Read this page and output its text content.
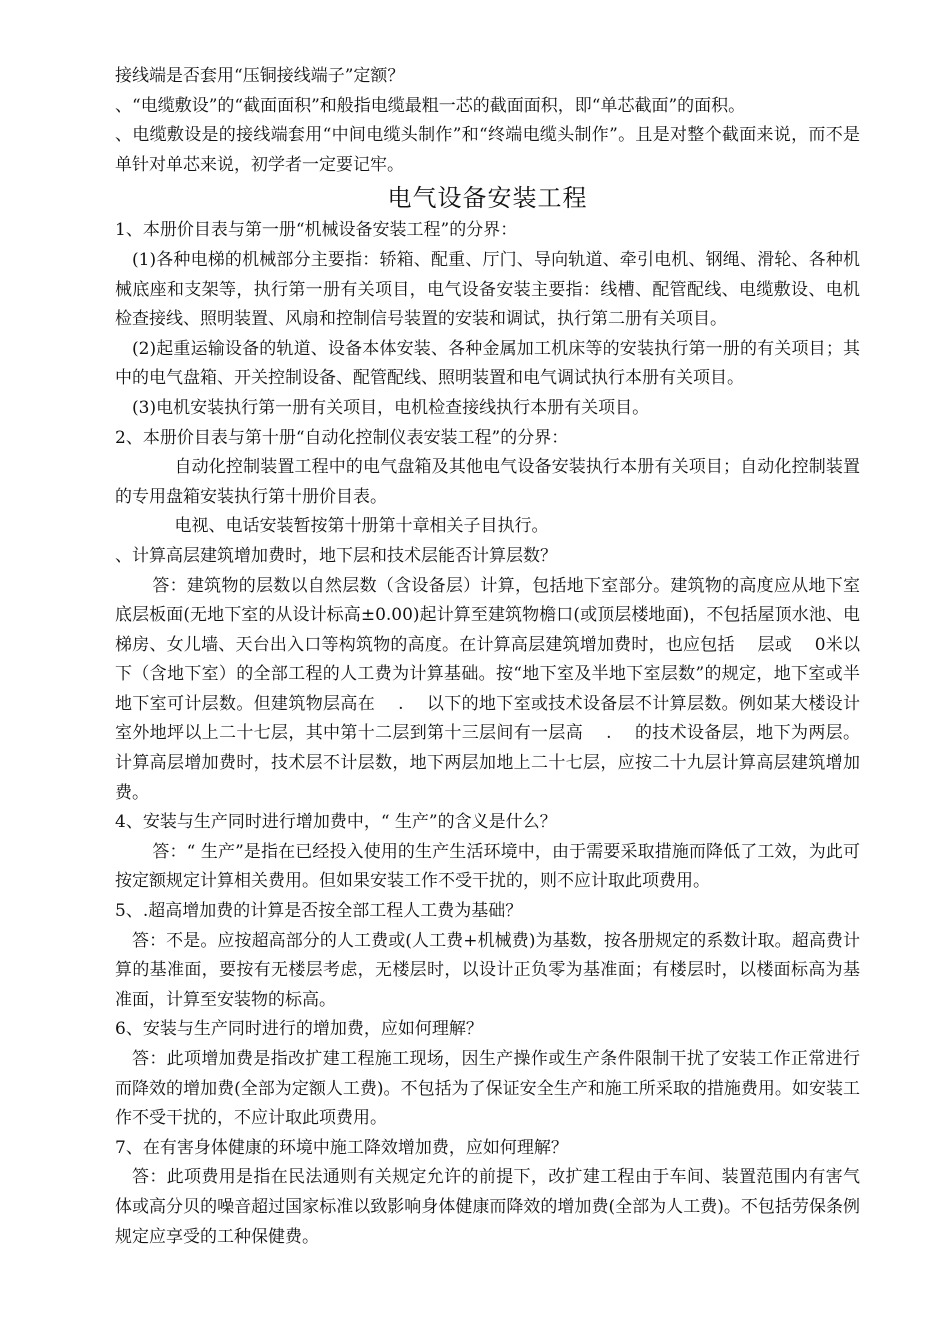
接线端是否套用“压铜接线端子”定额？

、“电缆敷设”的“截面面积”和般指电缆最粗一芯的截面面积，即“单芯截面”的面积。

、电缆敷设是的接线端套用“中间电缆头制作”和“终端电缆头制作”。且是对整个截面来说，而不是单针对单芯来说，初学者一定要记牢。

电气设备安装工程

1、本册价目表与第一册“机械设备安装工程”的分界：

(1)各种电梯的机械部分主要指：轿箱、配重、厅门、导向轨道、牵引电机、钢绳、滑轮、各种机械底座和支架等，执行第一册有关项目，电气设备安装主要指：线槽、配管配线、电缆敷设、电机检查接线、照明装置、风扇和控制信号装置的安装和调试，执行第二册有关项目。

(2)起重运输设备的轨道、设备本体安装、各种金属加工机床等的安装执行第一册的有关项目；其中的电气盘箱、开关控制设备、配管配线、照明装置和电气调试执行本册有关项目。

(3)电机安装执行第一册有关项目，电机检查接线执行本册有关项目。

2、本册价目表与第十册“自动化控制仪表安装工程”的分界：

自动化控制装置工程中的电气盘箱及其他电气设备安装执行本册有关项目；自动化控制装置的专用盘箱安装执行第十册价目表。

电视、电话安装暂按第十册第十章相关子目执行。

、计算高层建筑增加费时，地下层和技术层能否计算层数？

答：建筑物的层数以自然层数（含设备层）计算，包括地下室部分。建筑物的高度应从地下室底层板面(无地下室的从设计标高±0.00)起计算至建筑物檐口(或顶层楼地面)，不包括屋顶水池、电梯房、女儿墙、天台出入口等构筑物的高度。在计算高层建筑增加费时，也应包括　 层或　 0米以下（含地下室）的全部工程的人工费为计算基础。按“地下室及半地下室层数”的规定，地下室或半地下室可计层数。但建筑物层高在　 .　 以下的地下室或技术设备层不计算层数。例如某大楼设计室外地坪以上二十七层，其中第十二层到第十三层间有一层高　 .　 的技术设备层，地下为两层。计算高层增加费时，技术层不计层数，地下两层加地上二十七层，应按二十九层计算高层建筑增加费。

4、安装与生产同时进行增加费中，“ 生产”的含义是什么？

答：“ 生产”是指在已经投入使用的生产生活环境中，由于需要采取措施而降低了工效，为此可按定额规定计算相关费用。但如果安装工作不受干扰的，则不应计取此项费用。

5、.超高增加费的计算是否按全部工程人工费为基础？

答：不是。应按超高部分的人工费或(人工费+机械费)为基数，按各册规定的系数计取。超高费计算的基准面，要按有无楼层考虑，无楼层时，以设计正负零为基准面；有楼层时，以楼面标高为基准面，计算至安装物的标高。

6、安装与生产同时进行的增加费，应如何理解？

答：此项增加费是指改扩建工程施工现场，因生产操作或生产条件限制干扰了安装工作正常进行而降效的增加费(全部为定额人工费)。不包括为了保证安全生产和施工所采取的措施费用。如安装工作不受干扰的，不应计取此项费用。

7、在有害身体健康的环境中施工降效增加费，应如何理解？

答：此项费用是指在民法通则有关规定允许的前提下，改扩建工程由于车间、装置范围内有害气体或高分贝的噪音超过国家标准以致影响身体健康而降效的增加费(全部为人工费)。不包括劳保条例规定应享受的工种保健费。
